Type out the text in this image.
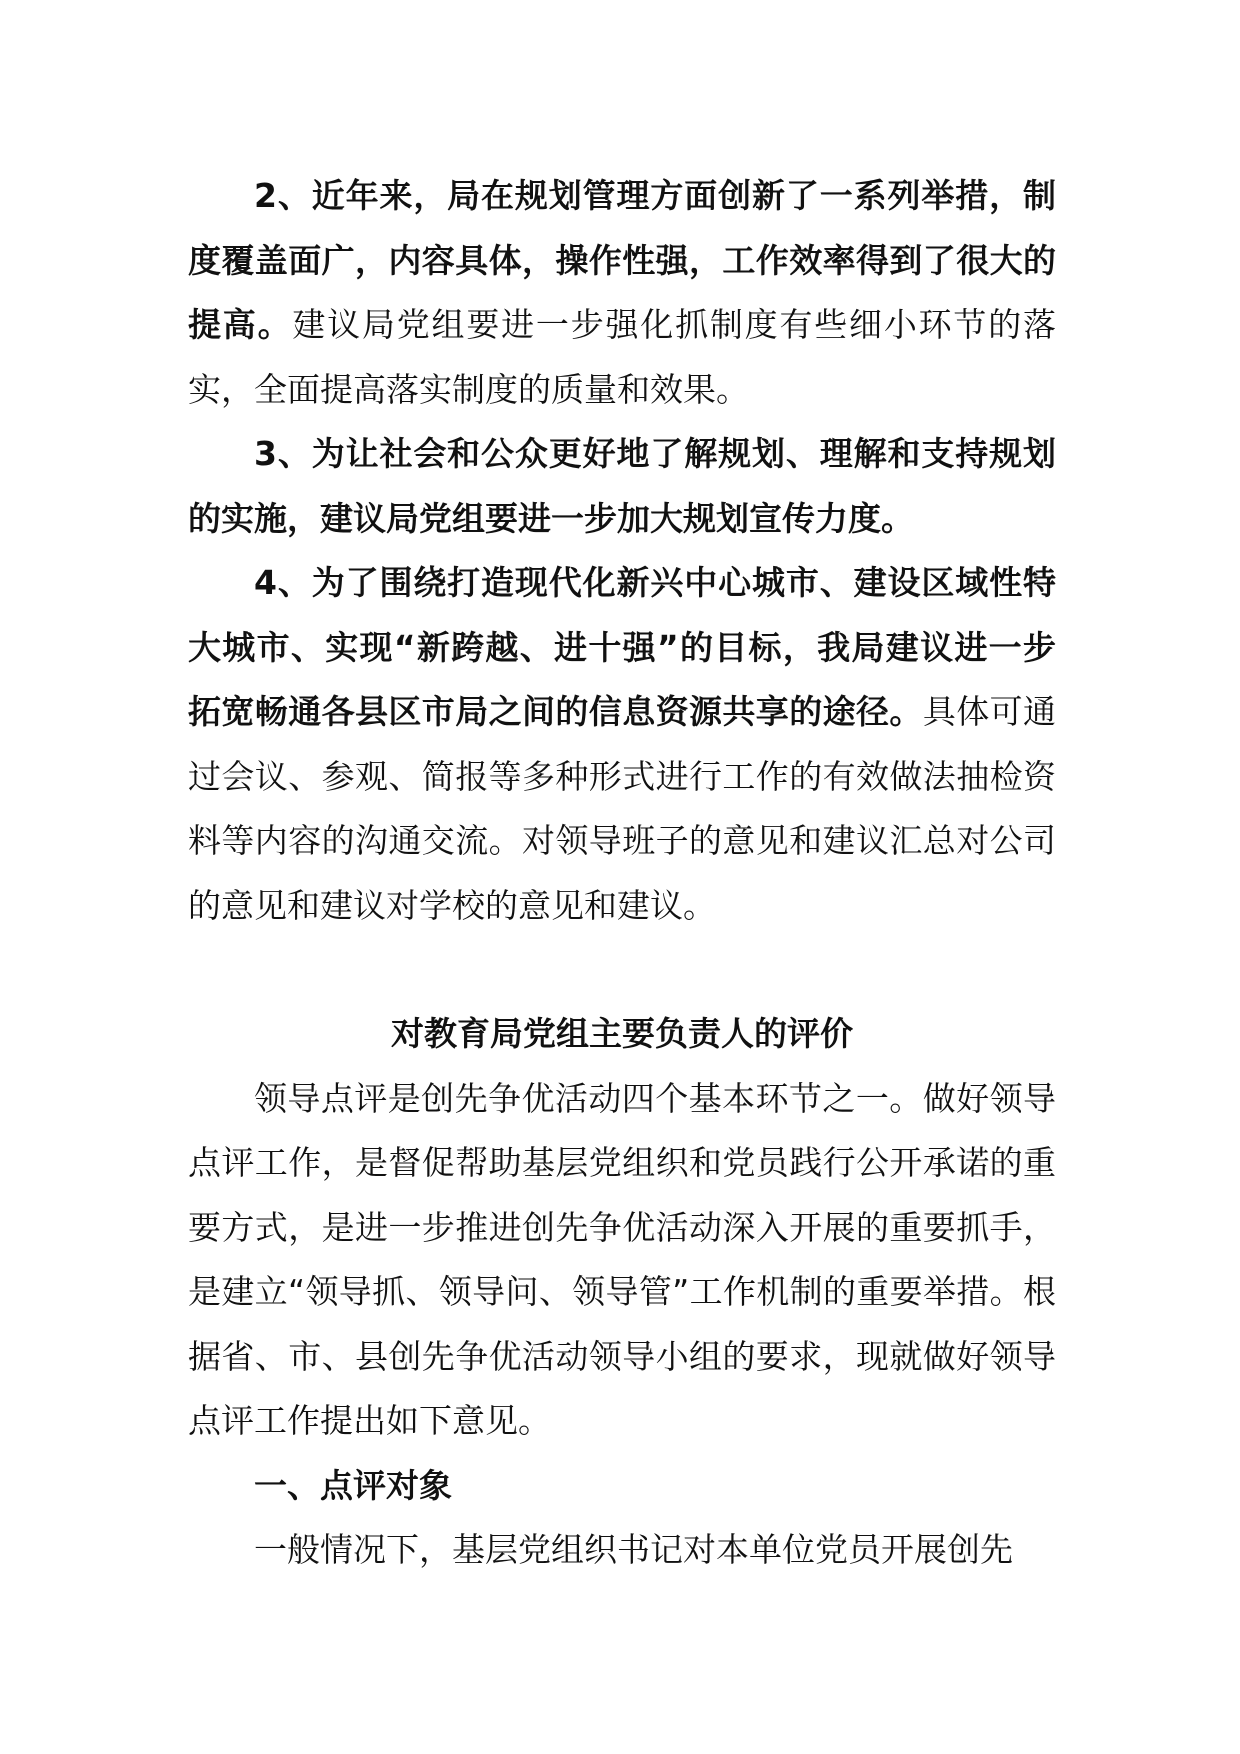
2、近年来，局在规划管理方面创新了一系列举措，制度覆盖面广，内容具体，操作性强，工作效率得到了很大的提高。建议局党组要进一步强化抓制度有些细小环节的落实，全面提高落实制度的质量和效果。

3、为让社会和公众更好地了解规划、理解和支持规划的实施，建议局党组要进一步加大规划宣传力度。

4、为了围绕打造现代化新兴中心城市、建设区域性特大城市、实现“新跨越、进十强”的目标，我局建议进一步拓宽畅通各县区市局之间的信息资源共享的途径。具体可通过会议、参观、简报等多种形式进行工作的有效做法抽检资料等内容的沟通交流。对领导班子的意见和建议汇总对公司的意见和建议对学校的意见和建议。

对教育局党组主要负责人的评价

领导点评是创先争优活动四个基本环节之一。做好领导点评工作，是督促帮助基层党组织和党员践行公开承诺的重要方式，是进一步推进创先争优活动深入开展的重要抓手，是建立“领导抓、领导问、领导管”工作机制的重要举措。根据省、市、县创先争优活动领导小组的要求，现就做好领导点评工作提出如下意见。

一、点评对象

一般情况下，基层党组织书记对本单位党员开展创先
